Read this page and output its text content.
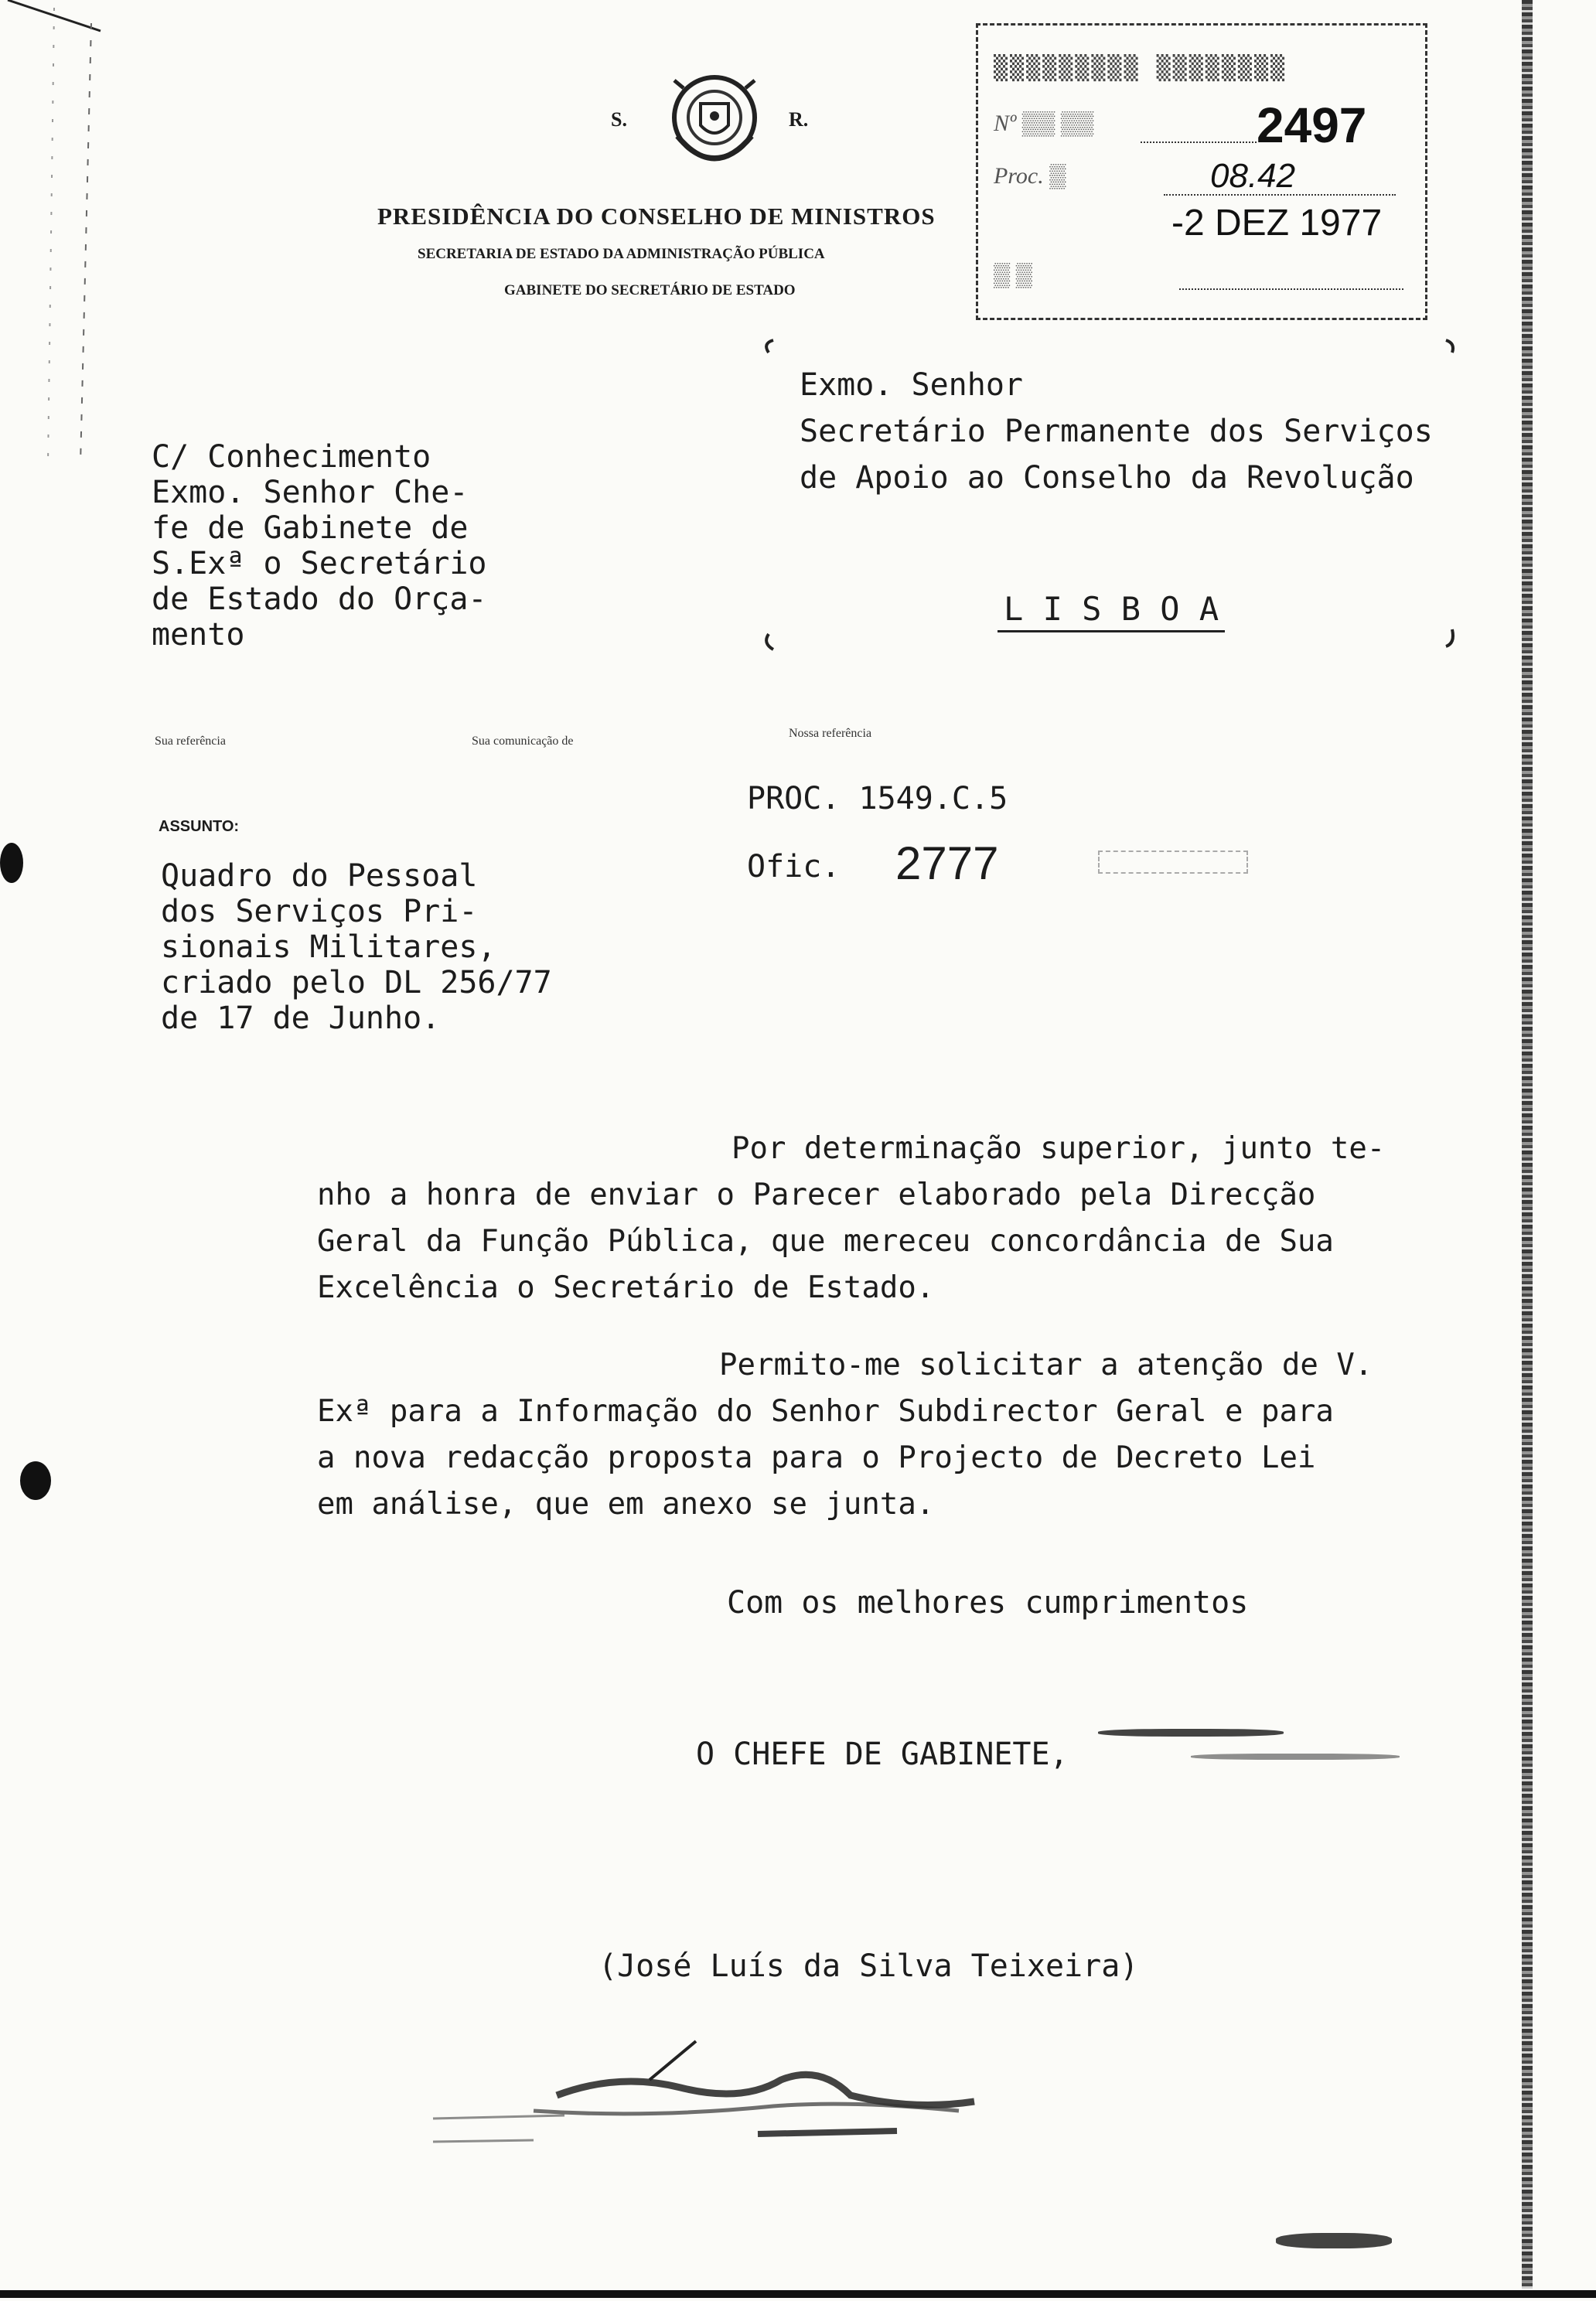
S.	R.
PRESIDÊNCIA DO CONSELHO DE MINISTROS
SECRETARIA DE ESTADO DA ADMINISTRAÇÃO PÚBLICA
GABINETE DO SECRETÁRIO DE ESTADO
▒▒▒▒▒▒▒▒▒ ▒▒▒▒▒▒▒▒
Nº ▒▒ ▒▒	2497
Proc. ▒	08.42
-2 DEZ 1977
▒ ▒
C/ Conhecimento
Exmo. Senhor Che-
fe de Gabinete de
S.Exª o Secretário
de Estado do Orça-
mento
Exmo. Senhor
Secretário Permanente dos Serviços
de Apoio ao Conselho da Revolução
L I S B O A
Sua referência	Sua comunicação de
Nossa referência
PROC. 1549.C.5
Ofic. 2777
ASSUNTO:
Quadro do Pessoal
dos Serviços Pri-
sionais Militares,
criado pelo DL 256/77
de 17 de Junho.
Por determinação superior, junto te-
nho a honra de enviar o Parecer elaborado pela Direcção
Geral da Função Pública, que mereceu concordância de Sua
Excelência o Secretário de Estado.
Permito-me solicitar a atenção de V.
Exª para a Informação do Senhor Subdirector Geral e para
a nova redacção proposta para o Projecto de Decreto Lei
em análise, que em anexo se junta.
Com os melhores cumprimentos
O CHEFE DE GABINETE,
(José Luís da Silva Teixeira)
